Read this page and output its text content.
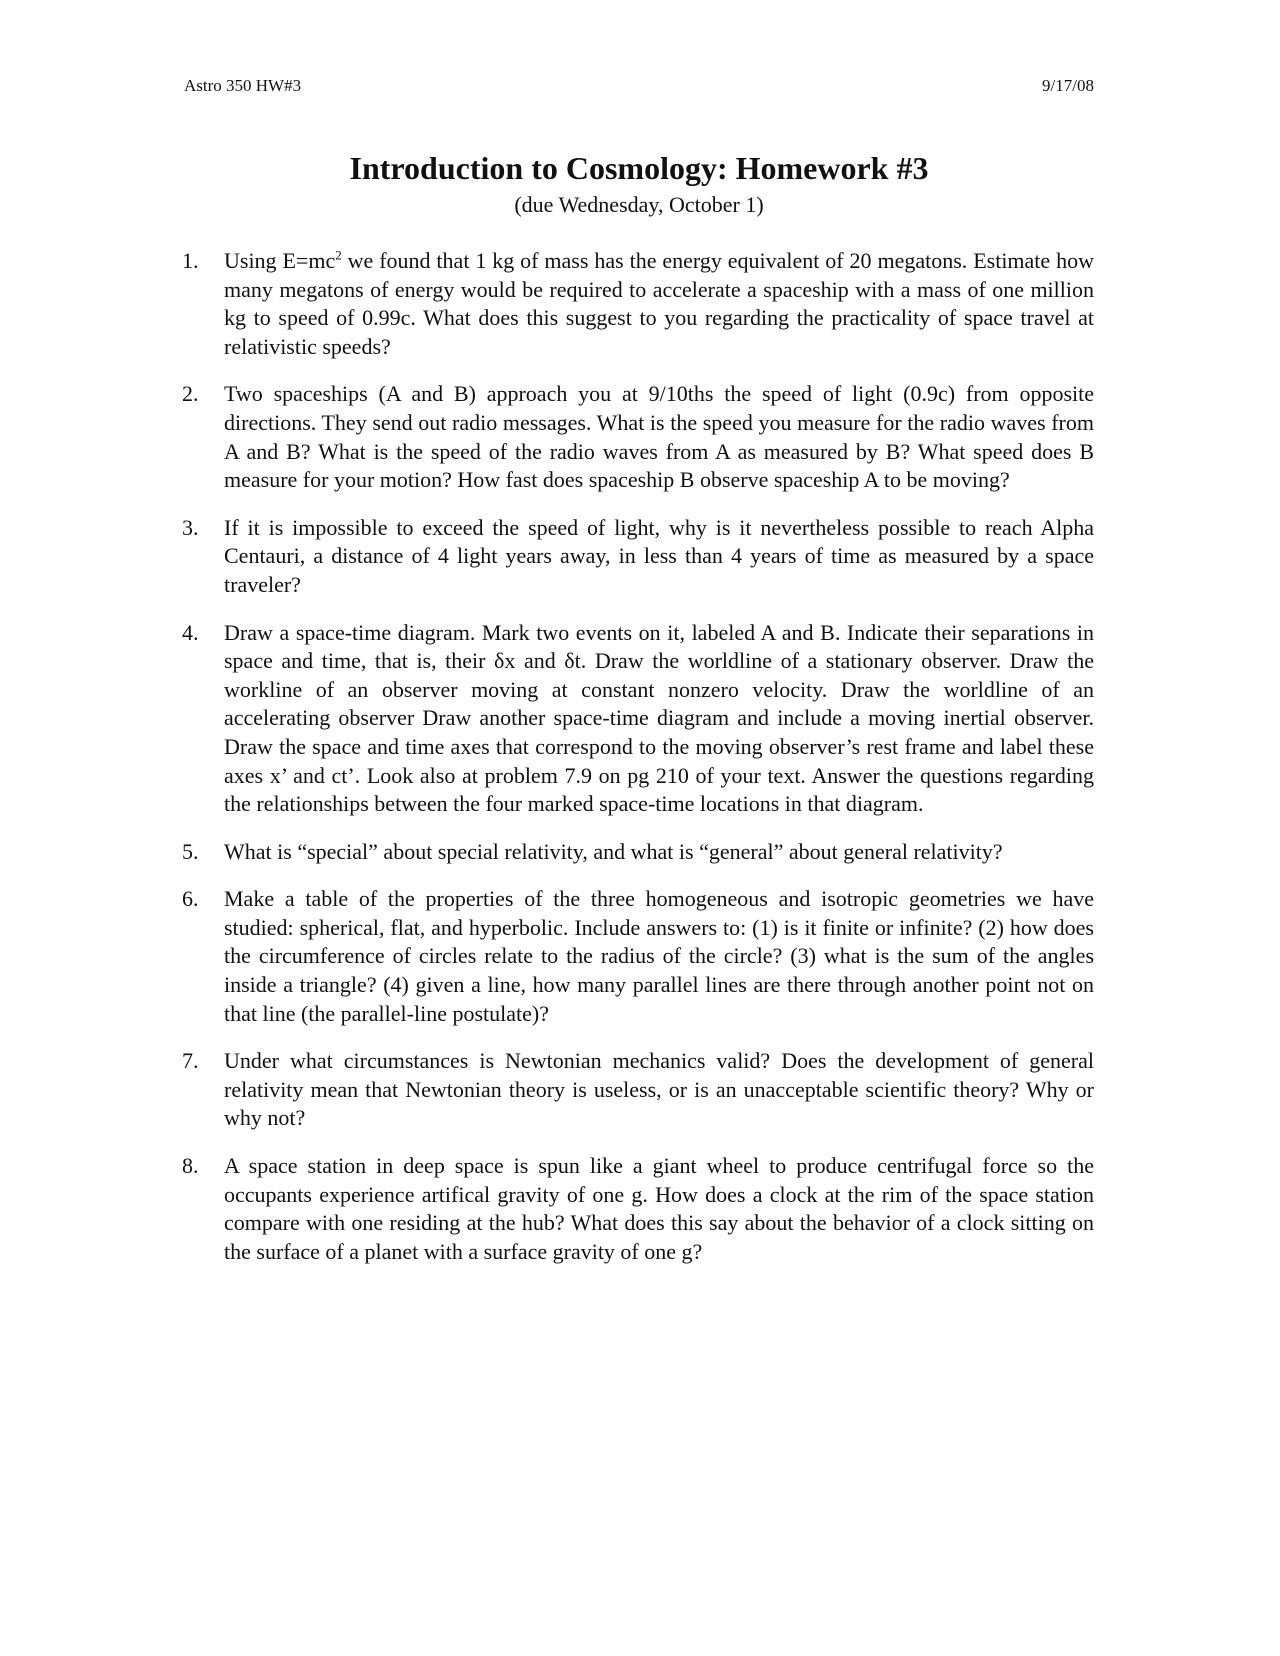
Astro 350 HW#3	9/17/08
Introduction to Cosmology: Homework #3
(due Wednesday, October 1)
1. Using $E=mc^2$ we found that 1 kg of mass has the energy equivalent of 20 megatons. Estimate how many megatons of energy would be required to accelerate a spaceship with a mass of one million kg to speed of 0.99c. What does this suggest to you regarding the practicality of space travel at relativistic speeds?
2. Two spaceships (A and B) approach you at 9/10ths the speed of light (0.9c) from opposite directions. They send out radio messages. What is the speed you measure for the radio waves from A and B? What is the speed of the radio waves from A as measured by B? What speed does B measure for your motion? How fast does spaceship B observe spaceship A to be moving?
3. If it is impossible to exceed the speed of light, why is it nevertheless possible to reach Alpha Centauri, a distance of 4 light years away, in less than 4 years of time as measured by a space traveler?
4. Draw a space-time diagram. Mark two events on it, labeled A and B. Indicate their separations in space and time, that is, their δx and δt. Draw the worldline of a stationary observer. Draw the workline of an observer moving at constant nonzero velocity. Draw the worldline of an accelerating observer Draw another space-time diagram and include a moving inertial observer. Draw the space and time axes that correspond to the moving observer’s rest frame and label these axes x’ and ct’. Look also at problem 7.9 on pg 210 of your text. Answer the questions regarding the relationships between the four marked space-time locations in that diagram.
5. What is “special” about special relativity, and what is “general” about general relativity?
6. Make a table of the properties of the three homogeneous and isotropic geometries we have studied: spherical, flat, and hyperbolic. Include answers to: (1) is it finite or infinite? (2) how does the circumference of circles relate to the radius of the circle? (3) what is the sum of the angles inside a triangle? (4) given a line, how many parallel lines are there through another point not on that line (the parallel-line postulate)?
7. Under what circumstances is Newtonian mechanics valid? Does the development of general relativity mean that Newtonian theory is useless, or is an unacceptable scientific theory? Why or why not?
8. A space station in deep space is spun like a giant wheel to produce centrifugal force so the occupants experience artifical gravity of one g. How does a clock at the rim of the space station compare with one residing at the hub? What does this say about the behavior of a clock sitting on the surface of a planet with a surface gravity of one g?
